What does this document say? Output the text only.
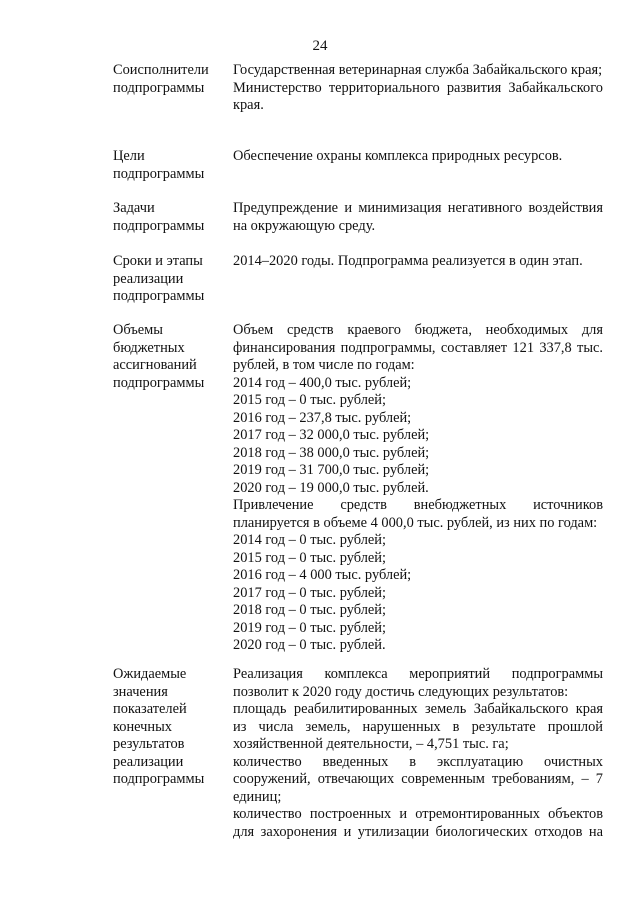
24
Соисполнители
подпрограммы

Государственная ветеринарная служба Забайкальского края;

Министерство территориального развития Забайкальского края.

Цели
подпрограммы

Обеспечение охраны комплекса природных ресурсов.

Задачи
подпрограммы

Предупреждение и минимизация негативного воздействия на окружающую среду.

Сроки и этапы
реализации
подпрограммы

2014–2020 годы. Подпрограмма реализуется в один этап.

Объемы
бюджетных
ассигнований
подпрограммы

Объем средств краевого бюджета, необходимых для финансирования подпрограммы, составляет 121 337,8 тыс. рублей, в том числе по годам:

2014 год – 400,0 тыс. рублей;

2015 год – 0 тыс. рублей;

2016 год – 237,8 тыс. рублей;

2017 год – 32 000,0 тыс. рублей;

2018 год – 38 000,0 тыс. рублей;

2019 год – 31 700,0 тыс. рублей;

2020 год – 19 000,0 тыс. рублей.

Привлечение средств внебюджетных источников планируется в объеме 4 000,0 тыс. рублей, из них по годам:

2014 год – 0 тыс. рублей;

2015 год – 0 тыс. рублей;

2016 год – 4 000 тыс. рублей;

2017 год – 0 тыс. рублей;

2018 год – 0 тыс. рублей;

2019 год – 0 тыс. рублей;

2020 год – 0 тыс. рублей.

Ожидаемые
значения
показателей
конечных
результатов
реализации
подпрограммы

Реализация комплекса мероприятий подпрограммы позволит к 2020 году достичь следующих результатов:

площадь реабилитированных земель Забайкальского края из числа земель, нарушенных в результате прошлой хозяйственной деятельности, – 4,751 тыс. га;

количество введенных в эксплуатацию очистных сооружений, отвечающих современным требованиям, – 7 единиц;

количество построенных и отремонтированных объектов для захоронения и утилизации биологических отходов на
